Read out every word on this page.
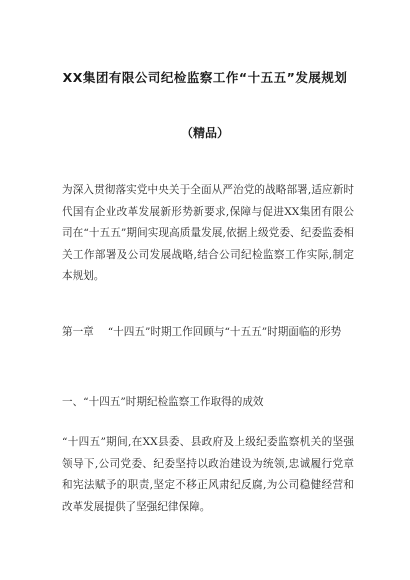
XX集团有限公司纪检监察工作“十五五”发展规划
（精品）
为深入贯彻落实党中央关于全面从严治党的战略部署,适应新时代国有企业改革发展新形势新要求,保障与促进XX集团有限公司在“十五五”期间实现高质量发展,依据上级党委、纪委监委相关工作部署及公司发展战略,结合公司纪检监察工作实际,制定本规划。
第一章　 “十四五”时期工作回顾与“十五五”时期面临的形势
一、“十四五”时期纪检监察工作取得的成效
“十四五”期间,在XX县委、县政府及上级纪委监察机关的坚强领导下,公司党委、纪委坚持以政治建设为统领,忠诚履行党章　和宪法赋予的职责,坚定不移正风肃纪反腐,为公司稳健经营和改革发展提供了坚强纪律保障。
